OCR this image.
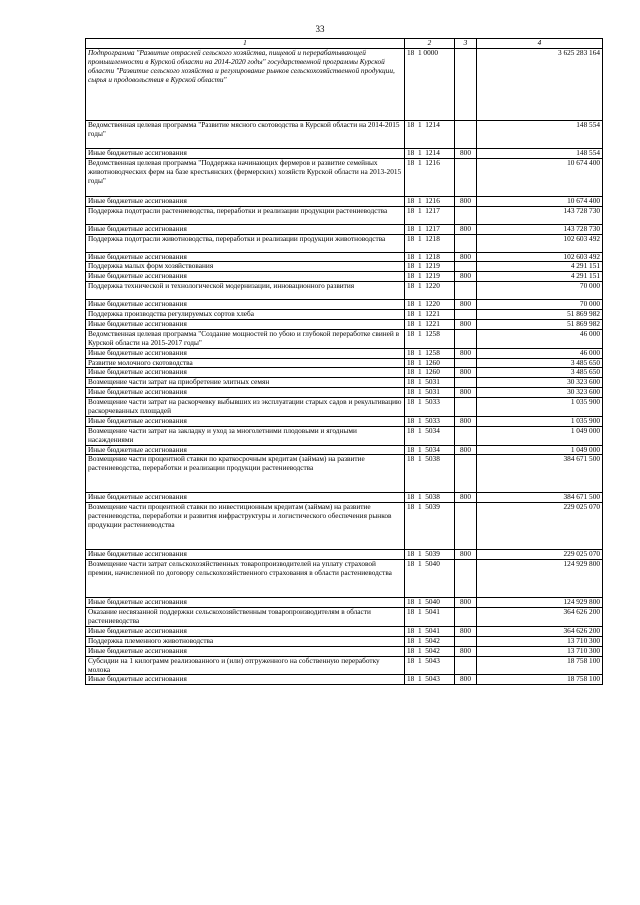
33
1	2	3	4
Подпрограмма "Развитие отраслей сельского хозяйства, пищевой и перерабатывающей промышленности в Курской области на 2014-2020 годы" государственной программы Курской области "Развитие сельского хозяйства и регулирование рынков сельскохозяйственной продукции, сырья и продовольствия в Курской области"	18  1 0000		3 625 283 164
Ведомственная целевая программа "Развитие мясного скотоводства в Курской области на 2014-2015 годы"	18  1  1214		148 554
Иные бюджетные ассигнования	18  1  1214	800	148 554
Ведомственная целевая программа "Поддержка начинающих фермеров и развитие семейных животноводческих ферм на базе крестьянских (фермерских) хозяйств Курской области на 2013-2015 годы"	18  1  1216		10 674 400
Иные бюджетные ассигнования	18  1  1216	800	10 674 400
Поддержка подотрасли растениеводства, переработки и реализации продукции растениеводства	18  1  1217		143 728 730
Иные бюджетные ассигнования	18  1  1217	800	143 728 730
Поддержка подотрасли животноводства, переработки и реализации продукции животноводства	18  1  1218		102 603 492
Иные бюджетные ассигнования	18  1  1218	800	102 603 492
Поддержка малых форм хозяйствования	18  1  1219		4 291 151
Иные бюджетные ассигнования	18  1  1219	800	4 291 151
Поддержка технической и технологической модернизации, инновационного развития	18  1  1220		70 000
Иные бюджетные ассигнования	18  1  1220	800	70 000
Поддержка производства регулируемых сортов хлеба	18  1  1221		51 869 982
Иные бюджетные ассигнования	18  1  1221	800	51 869 982
Ведомственная целевая программа "Создание мощностей по убою и глубокой переработке свиней в Курской области на 2015-2017 годы"	18  1  1258		46 000
Иные бюджетные ассигнования	18  1  1258	800	46 000
Развитие молочного скотоводства	18  1  1260		3 485 650
Иные бюджетные ассигнования	18  1  1260	800	3 485 650
Возмещение части затрат на приобретение элитных семян	18  1  5031		30 323 600
Иные бюджетные ассигнования	18  1  5031	800	30 323 600
Возмещение части затрат на раскорчевку выбывших из эксплуатации старых садов и рекультивацию раскорчеванных площадей	18  1  5033		1 035 900
Иные бюджетные ассигнования	18  1  5033	800	1 035 900
Возмещение части затрат на закладку и уход за многолетними плодовыми и ягодными насаждениями	18  1  5034		1 049 000
Иные бюджетные ассигнования	18  1  5034	800	1 049 000
Возмещение части процентной ставки по краткосрочным кредитам (займам) на развитие растениеводства, переработки и реализации продукции растениеводства	18  1  5038		384 671 500
Иные бюджетные ассигнования	18  1  5038	800	384 671 500
Возмещение части процентной ставки по инвестиционным кредитам (займам) на развитие растениеводства, переработки и развития инфраструктуры и логистического обеспечения рынков продукции растениеводства	18  1  5039		229 025 070
Иные бюджетные ассигнования	18  1  5039	800	229 025 070
Возмещение части затрат сельскохозяйственных товаропроизводителей на уплату страховой премии, начисленной по договору сельскохозяйственного страхования в области растениеводства	18  1  5040		124 929 800
Иные бюджетные ассигнования	18  1  5040	800	124 929 800
Оказание несвязанной поддержки сельскохозяйственным товаропроизводителям в области растениеводства	18  1  5041		364 626 200
Иные бюджетные ассигнования	18  1  5041	800	364 626 200
Поддержка племенного животноводства	18  1  5042		13 710 300
Иные бюджетные ассигнования	18  1  5042	800	13 710 300
Субсидии на 1 килограмм реализованного и (или) отгруженного на собственную переработку молока	18  1  5043		18 758 100
Иные бюджетные ассигнования	18  1  5043	800	18 758 100
